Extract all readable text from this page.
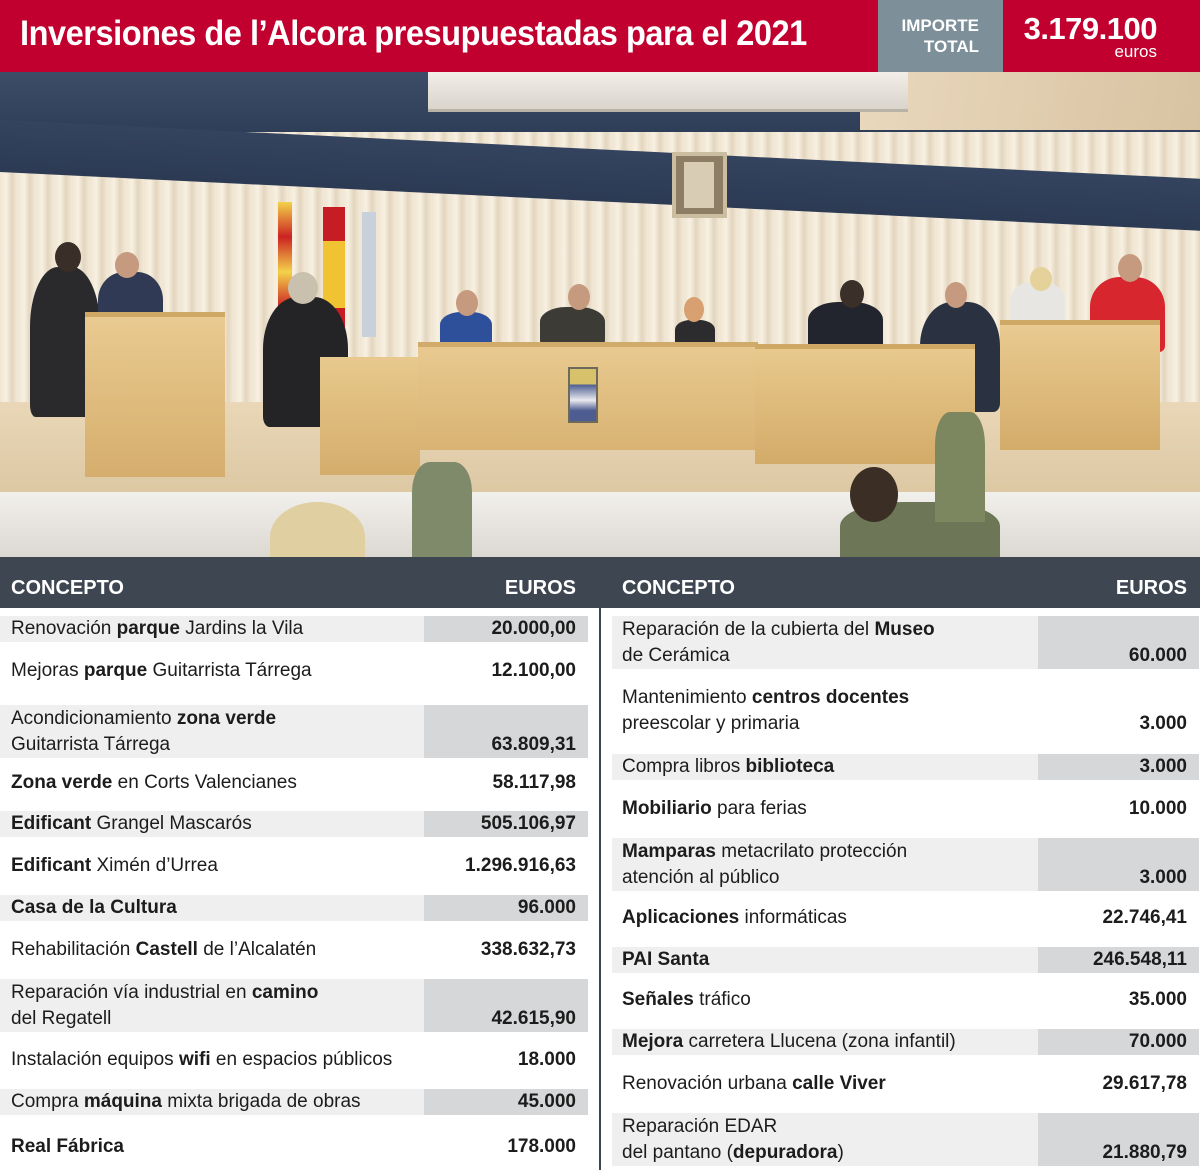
Inversiones de l’Alcora presupuestadas para el 2021	IMPORTE
TOTAL
3.179.100
euros
CONCEPTO	EUROS
Renovación parque Jardins la Vila	20.000,00
Mejoras parque Guitarrista Tárrega	12.100,00
Acondicionamiento zona verde
Guitarrista Tárrega	63.809,31
Zona verde en Corts Valencianes	58.117,98
Edificant Grangel Mascarós	505.106,97
Edificant Ximén d’Urrea	1.296.916,63
Casa de la Cultura	96.000
Rehabilitación Castell de l’Alcalatén	338.632,73
Reparación vía industrial en camino
del Regatell	42.615,90
Instalación equipos wifi en espacios públicos	18.000
Compra máquina mixta brigada de obras	45.000
Real Fábrica	178.000
CONCEPTO	EUROS
Reparación de la cubierta del Museo
de Cerámica	60.000
Mantenimiento centros docentes
preescolar y primaria	3.000
Compra libros biblioteca	3.000
Mobiliario para ferias	10.000
Mamparas metacrilato protección
atención al público	3.000
Aplicaciones informáticas	22.746,41
PAI Santa	246.548,11
Señales tráfico	35.000
Mejora carretera Llucena (zona infantil)	70.000
Renovación urbana calle Viver	29.617,78
Reparación EDAR
del pantano (depuradora)	21.880,79
